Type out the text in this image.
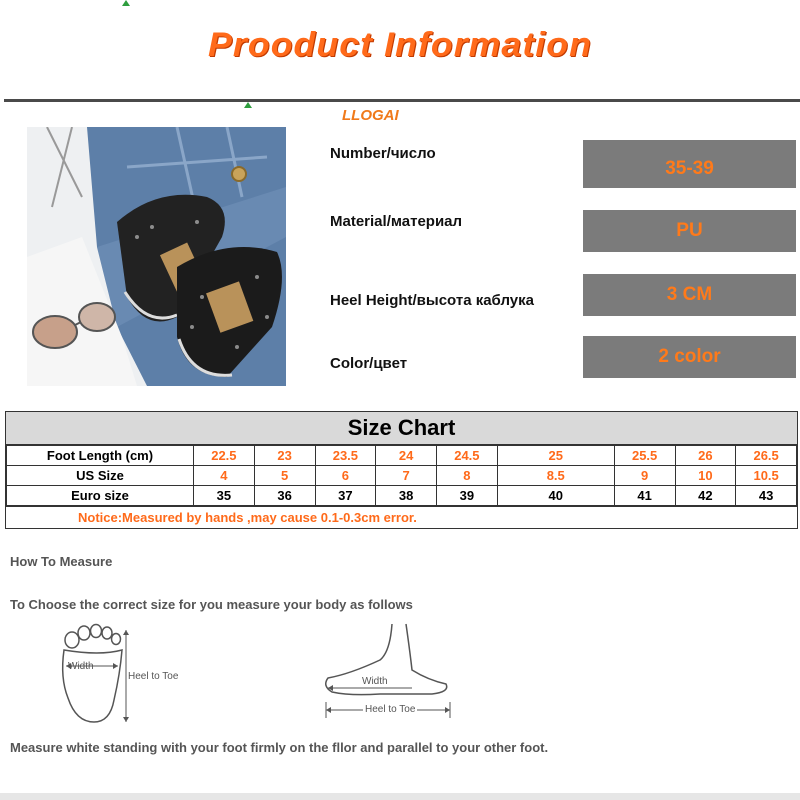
Prooduct Information
LLOGAI
Number/число
35-39
Material/материал	PU
Heel Height/высота каблука	3 CM
Color/цвет	2 color
Size Chart
Foot Length (cm)	22.5	23	23.5	24	24.5	25	25.5	26	26.5
US Size	4	5	6	7	8	8.5	9	10	10.5
Euro size	35	36	37	38	39	40	41	42	43
Notice:Measured by hands ,may cause 0.1-0.3cm error.
How To Measure
To Choose the correct size for you measure your body as follows
Width
Heel to Toe	Width
Heel to Toe
Measure white standing with your foot firmly on the fllor and parallel to your other foot.
